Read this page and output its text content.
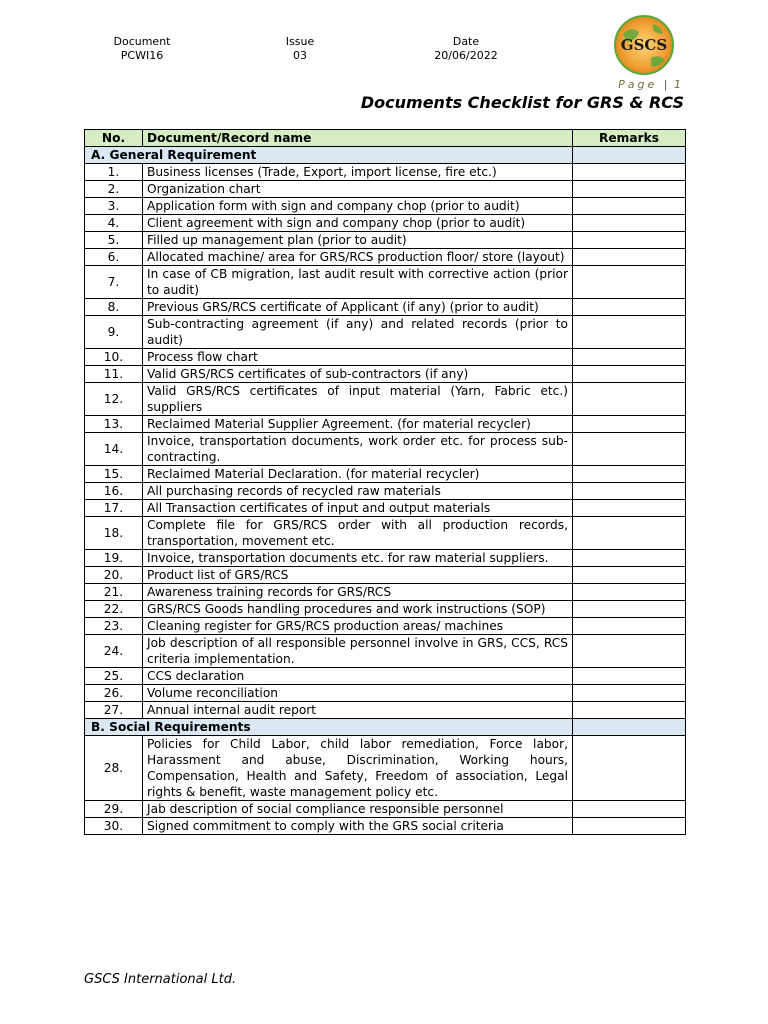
Document
PCWI16
Issue
03
Date
20/06/2022
GSCS
Page | 1
Documents Checklist for GRS & RCS
No.	Document/Record name	Remarks
A. General Requirement		
1.	Business licenses (Trade, Export, import license, fire etc.)	
2.	Organization chart	
3.	Application form with sign and company chop (prior to audit)	
4.	Client agreement with sign and company chop (prior to audit)	
5.	Filled up management plan (prior to audit)	
6.	Allocated machine/ area for GRS/RCS production floor/ store (layout)	
7.	In case of CB migration, last audit result with corrective action (prior to audit)	
8.	Previous GRS/RCS certificate of Applicant (if any) (prior to audit)	
9.	Sub-contracting agreement (if any) and related records (prior to audit)	
10.	Process flow chart	
11.	Valid GRS/RCS certificates of sub-contractors (if any)	
12.	Valid GRS/RCS certificates of input material (Yarn, Fabric etc.) suppliers	
13.	Reclaimed Material Supplier Agreement. (for material recycler)	
14.	Invoice, transportation documents, work order etc. for process sub-contracting.	
15.	Reclaimed Material Declaration. (for material recycler)	
16.	All purchasing records of recycled raw materials	
17.	All Transaction certificates of input and output materials	
18.	Complete file for GRS/RCS order with all production records, transportation, movement etc.	
19.	Invoice, transportation documents etc. for raw material suppliers.	
20.	Product list of GRS/RCS	
21.	Awareness training records for GRS/RCS	
22.	GRS/RCS Goods handling procedures and work instructions (SOP)	
23.	Cleaning register for GRS/RCS production areas/ machines	
24.	Job description of all responsible personnel involve in GRS, CCS, RCS criteria implementation.	
25.	CCS declaration	
26.	Volume reconciliation	
27.	Annual internal audit report	
B. Social Requirements		
28.	Policies for Child Labor, child labor remediation, Force labor, Harassment and abuse, Discrimination, Working hours, Compensation, Health and Safety, Freedom of association, Legal rights & benefit, waste management policy etc.	
29.	Jab description of social compliance responsible personnel	
30.	Signed commitment to comply with the GRS social criteria	
GSCS International Ltd.
